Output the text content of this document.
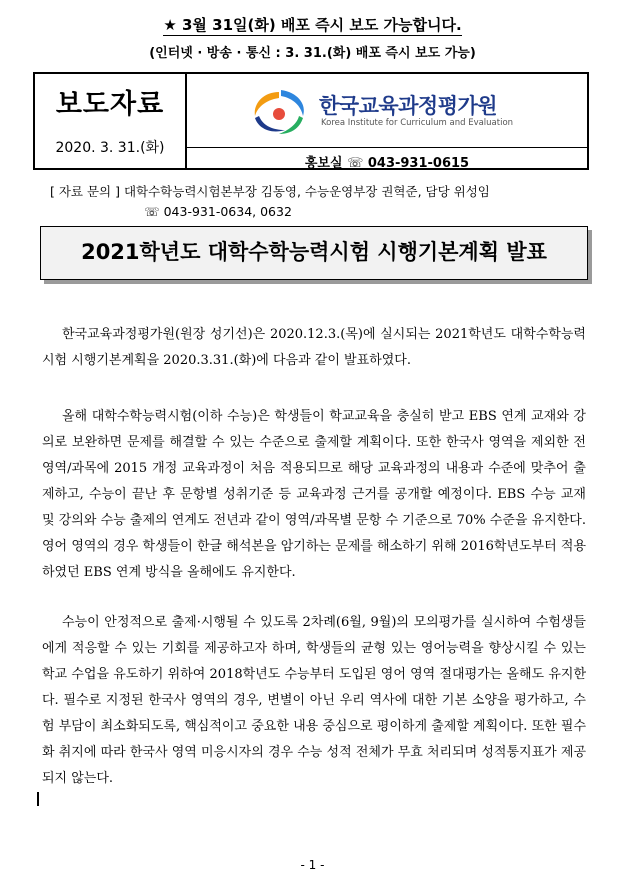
★ 3월 31일(화) 배포 즉시 보도 가능합니다.
(인터넷 · 방송 · 통신 : 3. 31.(화) 배포 즉시 보도 가능)
보도자료
2020. 3. 31.(화)
한국교육과정평가원
Korea Institute for Curriculum and Evaluation
홍보실 ☏ 043-931-0615
[ 자료 문의 ] 대학수학능력시험본부장 김동영, 수능운영부장 권혁준, 담당 위성임
☏ 043-931-0634, 0632
2021학년도 대학수학능력시험 시행기본계획 발표
한국교육과정평가원(원장 성기선)은 2020.12.3.(목)에 실시되는 2021학년도 대학수학능력시험 시행기본계획을 2020.3.31.(화)에 다음과 같이 발표하였다.
올해 대학수학능력시험(이하 수능)은 학생들이 학교교육을 충실히 받고 EBS 연계 교재와 강의로 보완하면 문제를 해결할 수 있는 수준으로 출제할 계획이다. 또한 한국사 영역을 제외한 전 영역/과목에 2015 개정 교육과정이 처음 적용되므로 해당 교육과정의 내용과 수준에 맞추어 출제하고, 수능이 끝난 후 문항별 성취기준 등 교육과정 근거를 공개할 예정이다. EBS 수능 교재 및 강의와 수능 출제의 연계도 전년과 같이 영역/과목별 문항 수 기준으로 70% 수준을 유지한다. 영어 영역의 경우 학생들이 한글 해석본을 암기하는 문제를 해소하기 위해 2016학년도부터 적용하였던 EBS 연계 방식을 올해에도 유지한다.
수능이 안정적으로 출제·시행될 수 있도록 2차례(6월, 9월)의 모의평가를 실시하여 수험생들에게 적응할 수 있는 기회를 제공하고자 하며, 학생들의 균형 있는 영어능력을 향상시킬 수 있는 학교 수업을 유도하기 위하여 2018학년도 수능부터 도입된 영어 영역 절대평가는 올해도 유지한다. 필수로 지정된 한국사 영역의 경우, 변별이 아닌 우리 역사에 대한 기본 소양을 평가하고, 수험 부담이 최소화되도록, 핵심적이고 중요한 내용 중심으로 평이하게 출제할 계획이다. 또한 필수화 취지에 따라 한국사 영역 미응시자의 경우 수능 성적 전체가 무효 처리되며 성적통지표가 제공되지 않는다.
- 1 -
